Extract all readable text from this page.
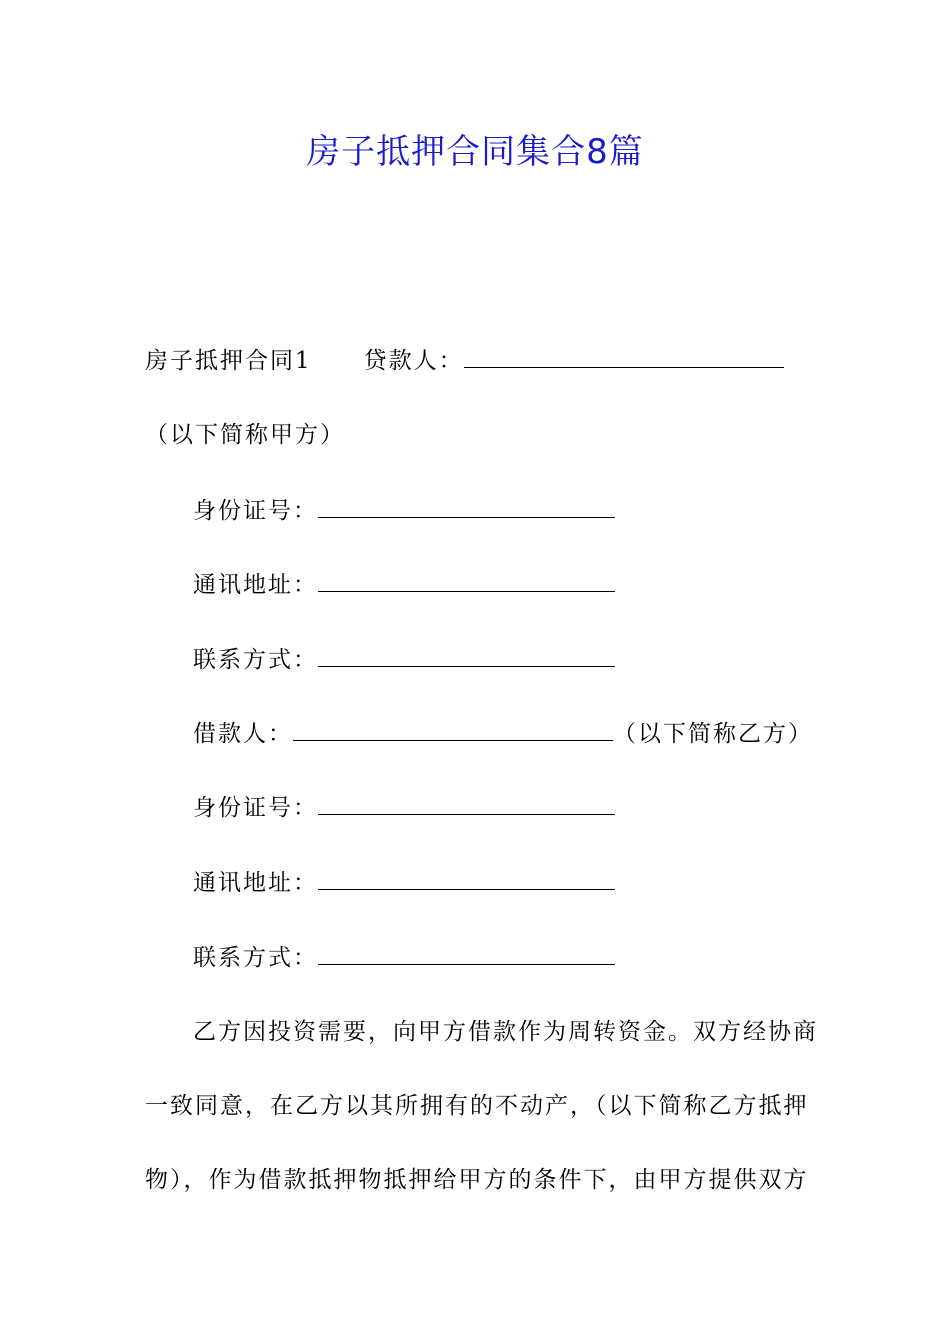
房子抵押合同集合8篇
房子抵押合同1 贷款人：
（以下简称甲方）
身份证号：
通讯地址：
联系方式：
借款人：	（以下简称乙方）
身份证号：
通讯地址：
联系方式：
乙方因投资需要，向甲方借款作为周转资金。双方经协商
一致同意，在乙方以其所拥有的不动产，（以下简称乙方抵押
物），作为借款抵押物抵押给甲方的条件下，由甲方提供双方
